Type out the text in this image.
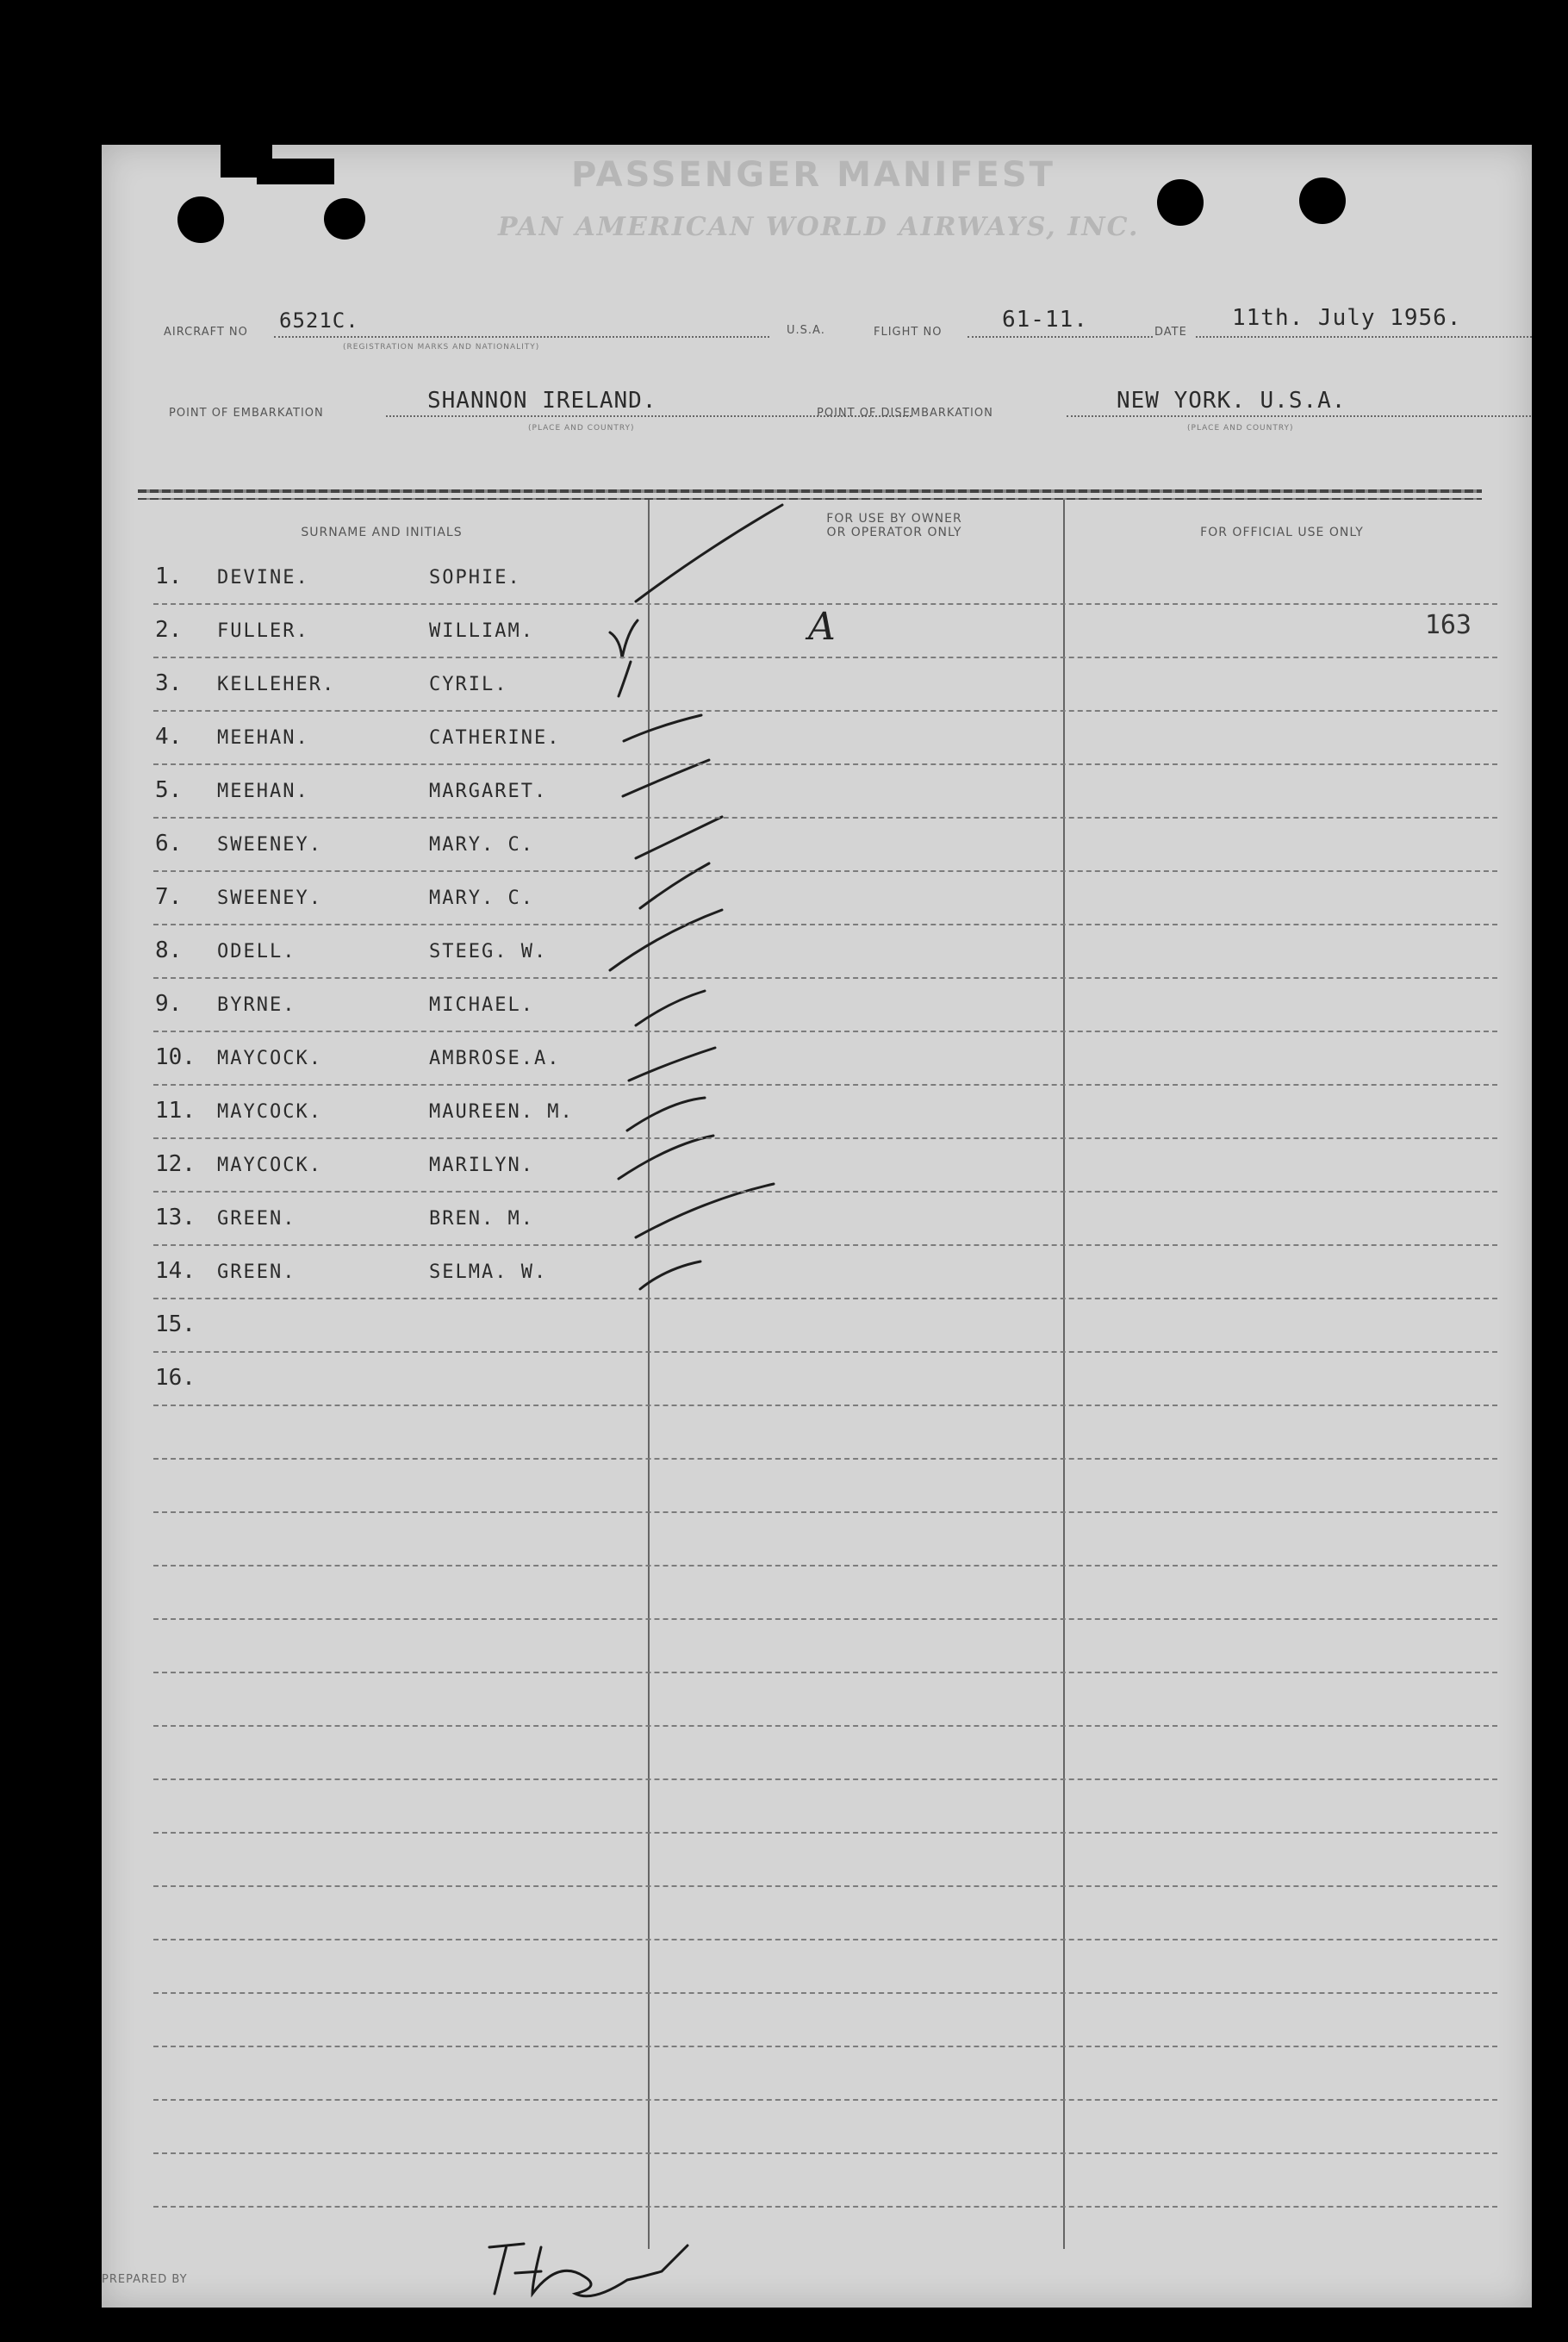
PASSENGER MANIFEST
PAN AMERICAN WORLD AIRWAYS, INC.
AIRCRAFT NO 6521C.
(REGISTRATION MARKS AND NATIONALITY)
U.S.A.	FLIGHT NO	61-11.	DATE
11th. July 1956.
POINT OF EMBARKATION	SHANNON IRELAND.
(PLACE AND COUNTRY)
POINT OF DISEMBARKATION	NEW YORK. U.S.A.
(PLACE AND COUNTRY)
SURNAME AND INITIALS
FOR USE BY OWNER
OR OPERATOR ONLY	FOR OFFICIAL USE ONLY
1. DEVINE.	SOPHIE.
2. FULLER.	WILLIAM.	A	163
3. KELLEHER.	CYRIL.
4. MEEHAN.	CATHERINE.
5. MEEHAN.	MARGARET.
6. SWEENEY.	MARY. C.
7. SWEENEY.	MARY. C.
8. ODELL.	STEEG. W.
9. BYRNE.	MICHAEL.
10. MAYCOCK.	AMBROSE.A.
11. MAYCOCK.	MAUREEN. M.
12. MAYCOCK.	MARILYN.
13. GREEN.	BREN. M.
14. GREEN.	SELMA. W.
15.
16.
PREPARED BY
